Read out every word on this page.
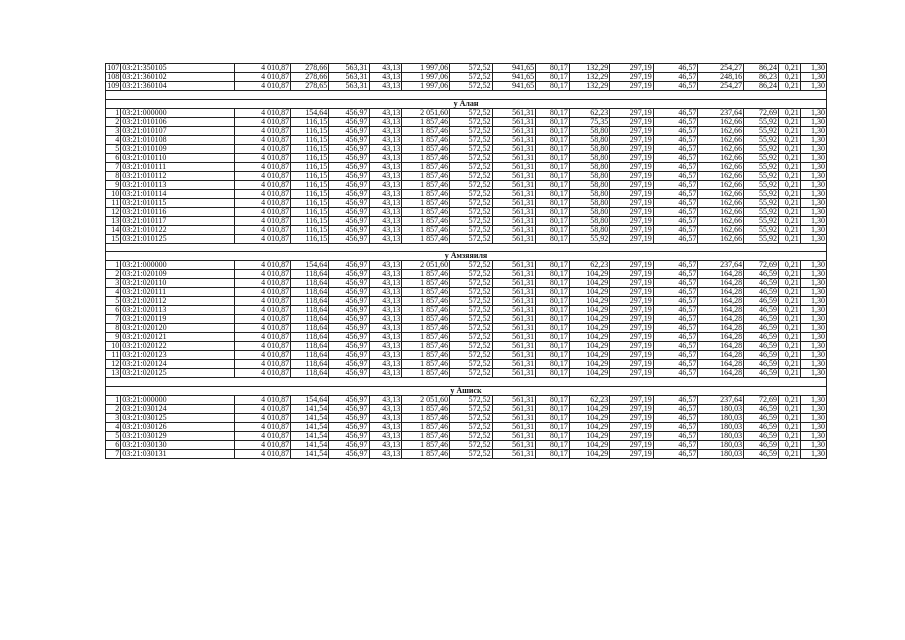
107	03:21:350105	4 010,87	278,66	563,31	43,13	1 997,06	572,52	941,65	80,17	132,29	297,19	46,57	254,27	86,24	0,21	1,30
108	03:21:360102	4 010,87	278,66	563,31	43,13	1 997,06	572,52	941,65	80,17	132,29	297,19	46,57	248,16	86,23	0,21	1,30
109	03:21:360104	4 010,87	278,65	563,31	43,13	1 997,06	572,52	941,65	80,17	132,29	297,19	46,57	254,27	86,24	0,21	1,30

у Алан																
1	03:21:000000	4 010,87	154,64	456,97	43,13	2 051,60	572,52	561,31	80,17	62,23	297,19	46,57	237,64	72,69	0,21	1,30
2	03:21:010106	4 010,87	116,15	456,97	43,13	1 857,46	572,52	561,31	80,17	75,35	297,19	46,57	162,66	55,92	0,21	1,30
3	03:21:010107	4 010,87	116,15	456,97	43,13	1 857,46	572,52	561,31	80,17	58,80	297,19	46,57	162,66	55,92	0,21	1,30
4	03:21:010108	4 010,87	116,15	456,97	43,13	1 857,46	572,52	561,31	80,17	58,80	297,19	46,57	162,66	55,92	0,21	1,30
5	03:21:010109	4 010,87	116,15	456,97	43,13	1 857,46	572,52	561,31	80,17	58,80	297,19	46,57	162,66	55,92	0,21	1,30
6	03:21:010110	4 010,87	116,15	456,97	43,13	1 857,46	572,52	561,31	80,17	58,80	297,19	46,57	162,66	55,92	0,21	1,30
7	03:21:010111	4 010,87	116,15	456,97	43,13	1 857,46	572,52	561,31	80,17	58,80	297,19	46,57	162,66	55,92	0,21	1,30
8	03:21:010112	4 010,87	116,15	456,97	43,13	1 857,46	572,52	561,31	80,17	58,80	297,19	46,57	162,66	55,92	0,21	1,30
9	03:21:010113	4 010,87	116,15	456,97	43,13	1 857,46	572,52	561,31	80,17	58,80	297,19	46,57	162,66	55,92	0,21	1,30
10	03:21:010114	4 010,87	116,15	456,97	43,13	1 857,46	572,52	561,31	80,17	58,80	297,19	46,57	162,66	55,92	0,21	1,30
11	03:21:010115	4 010,87	116,15	456,97	43,13	1 857,46	572,52	561,31	80,17	58,80	297,19	46,57	162,66	55,92	0,21	1,30
12	03:21:010116	4 010,87	116,15	456,97	43,13	1 857,46	572,52	561,31	80,17	58,80	297,19	46,57	162,66	55,92	0,21	1,30
13	03:21:010117	4 010,87	116,15	456,97	43,13	1 857,46	572,52	561,31	80,17	58,80	297,19	46,57	162,66	55,92	0,21	1,30
14	03:21:010122	4 010,87	116,15	456,97	43,13	1 857,46	572,52	561,31	80,17	58,80	297,19	46,57	162,66	55,92	0,21	1,30
15	03:21:010125	4 010,87	116,15	456,97	43,13	1 857,46	572,52	561,31	80,17	55,92	297,19	46,57	162,66	55,92	0,21	1,30

у Амзяяиля																
1	03:21:000000	4 010,87	154,64	456,97	43,13	2 051,60	572,52	561,31	80,17	62,23	297,19	46,57	237,64	72,69	0,21	1,30
2	03:21:020109	4 010,87	118,64	456,97	43,13	1 857,46	572,52	561,31	80,17	104,29	297,19	46,57	164,28	46,59	0,21	1,30
3	03:21:020110	4 010,87	118,64	456,97	43,13	1 857,46	572,52	561,31	80,17	104,29	297,19	46,57	164,28	46,59	0,21	1,30
4	03:21:020111	4 010,87	118,64	456,97	43,13	1 857,46	572,52	561,31	80,17	104,29	297,19	46,57	164,28	46,59	0,21	1,30
5	03:21:020112	4 010,87	118,64	456,97	43,13	1 857,46	572,52	561,31	80,17	104,29	297,19	46,57	164,28	46,59	0,21	1,30
6	03:21:020113	4 010,87	118,64	456,97	43,13	1 857,46	572,52	561,31	80,17	104,29	297,19	46,57	164,28	46,59	0,21	1,30
7	03:21:020119	4 010,87	118,64	456,97	43,13	1 857,46	572,52	561,31	80,17	104,29	297,19	46,57	164,28	46,59	0,21	1,30
8	03:21:020120	4 010,87	118,64	456,97	43,13	1 857,46	572,52	561,31	80,17	104,29	297,19	46,57	164,28	46,59	0,21	1,30
9	03:21:020121	4 010,87	118,64	456,97	43,13	1 857,46	572,52	561,31	80,17	104,29	297,19	46,57	164,28	46,59	0,21	1,30
10	03:21:020122	4 010,87	118,64	456,97	43,13	1 857,46	572,52	561,31	80,17	104,29	297,19	46,57	164,28	46,59	0,21	1,30
11	03:21:020123	4 010,87	118,64	456,97	43,13	1 857,46	572,52	561,31	80,17	104,29	297,19	46,57	164,28	46,59	0,21	1,30
12	03:21:020124	4 010,87	118,64	456,97	43,13	1 857,46	572,52	561,31	80,17	104,29	297,19	46,57	164,28	46,59	0,21	1,30
13	03:21:020125	4 010,87	118,64	456,97	43,13	1 857,46	572,52	561,31	80,17	104,29	297,19	46,57	164,28	46,59	0,21	1,30

у Ашиск																
1	03:21:000000	4 010,87	154,64	456,97	43,13	2 051,60	572,52	561,31	80,17	62,23	297,19	46,57	237,64	72,69	0,21	1,30
2	03:21:030124	4 010,87	141,54	456,97	43,13	1 857,46	572,52	561,31	80,17	104,29	297,19	46,57	180,03	46,59	0,21	1,30
3	03:21:030125	4 010,87	141,54	456,97	43,13	1 857,46	572,52	561,31	80,17	104,29	297,19	46,57	180,03	46,59	0,21	1,30
4	03:21:030126	4 010,87	141,54	456,97	43,13	1 857,46	572,52	561,31	80,17	104,29	297,19	46,57	180,03	46,59	0,21	1,30
5	03:21:030129	4 010,87	141,54	456,97	43,13	1 857,46	572,52	561,31	80,17	104,29	297,19	46,57	180,03	46,59	0,21	1,30
6	03:21:030130	4 010,87	141,54	456,97	43,13	1 857,46	572,52	561,31	80,17	104,29	297,19	46,57	180,03	46,59	0,21	1,30
7	03:21:030131	4 010,87	141,54	456,97	43,13	1 857,46	572,52	561,31	80,17	104,29	297,19	46,57	180,03	46,59	0,21	1,30
